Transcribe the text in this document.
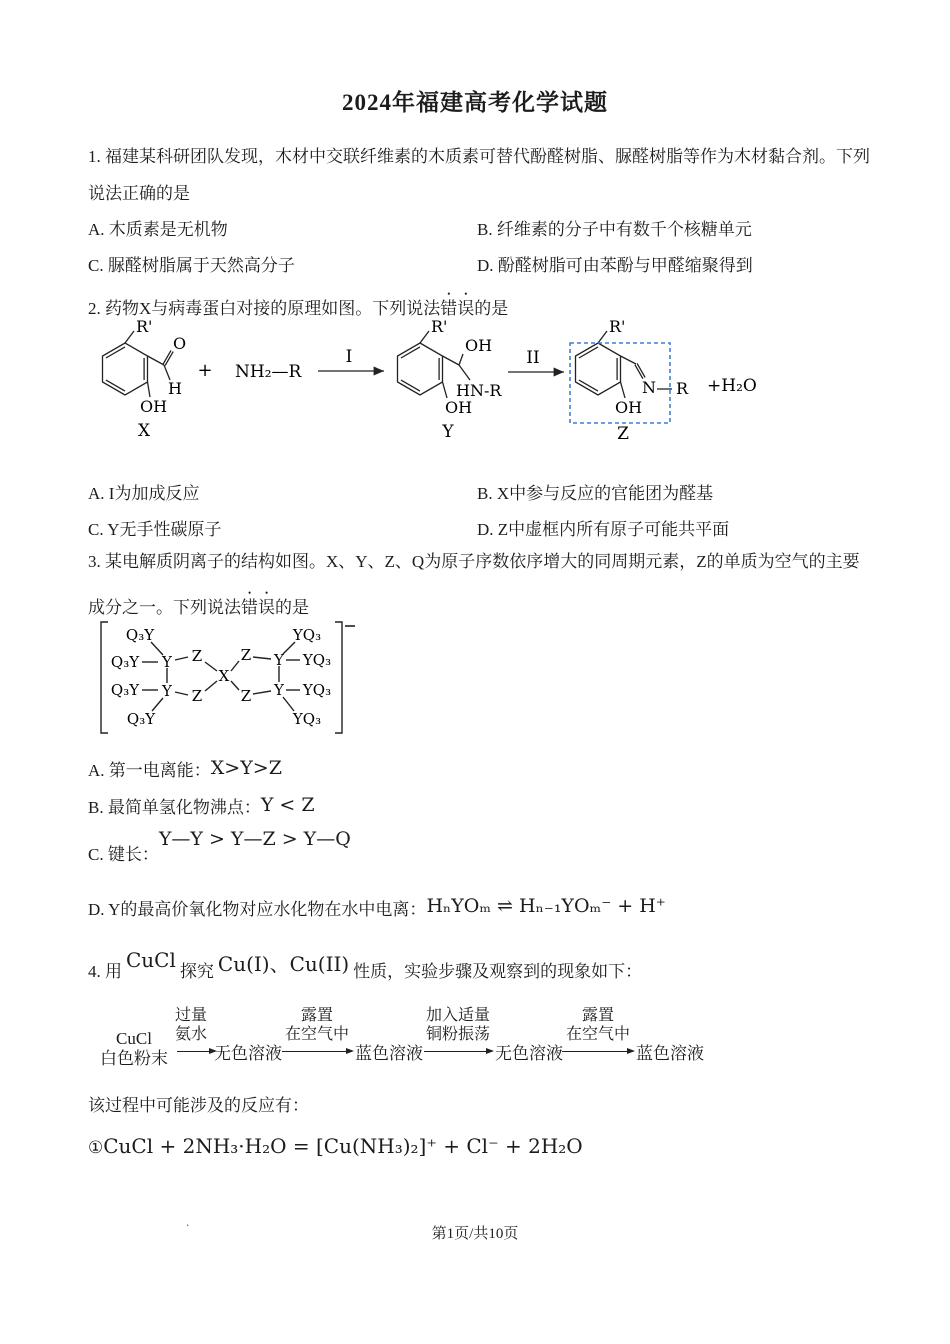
2024年福建高考化学试题
1. 福建某科研团队发现，木材中交联纤维素的木质素可替代酚醛树脂、脲醛树脂等作为木材黏合剂。下列
说法正确的是
A. 木质素是无机物	B. 纤维素的分子中有数千个核糖单元
C. 脲醛树脂属于天然高分子	D. 酚醛树脂可由苯酚与甲醛缩聚得到
2. 药物X与病毒蛋白对接的原理如图。下列说法错误的是
R'
O
H
OH
X
+ NH₂—R
I
R'
OH
HN-R
OH
Y
II
R'
N R
OH
Z
+H₂O
A. I为加成反应	B. X中参与反应的官能团为醛基
C. Y无手性碳原子	D. Z中虚框内所有原子可能共平面
3. 某电解质阴离子的结构如图。X、Y、Z、Q为原子序数依序增大的同周期元素，Z的单质为空气的主要
成分之一。下列说法错误的是
Q₃Y
Q₃Y
Q₃Y
Q₃Y
YQ₃
YQ₃
YQ₃
YQ₃
Y
Y
Z
Z
X
Z
Z
Y
Y
A. 第一电离能： X>Y>Z
B. 最简单氢化物沸点： Y < Z
C. 键长：
Y—Y > Y—Z > Y—Q
D. Y的最高价氧化物对应水化物在水中电离： HₙYOₘ ⇌ Hₙ₋₁YOₘ⁻ + H⁺
4. 用 CuCl 探究 Cu(I)、Cu(II) 性质，实验步骤及观察到的现象如下：
CuCl
白色粉末
过量
氨水
无色溶液
露置
在空气中
蓝色溶液
加入适量
铜粉振荡
无色溶液
露置
在空气中
蓝色溶液
该过程中可能涉及的反应有：
① CuCl + 2NH₃·H₂O = [Cu(NH₃)₂]⁺ + Cl⁻ + 2H₂O
.
第1页/共10页
